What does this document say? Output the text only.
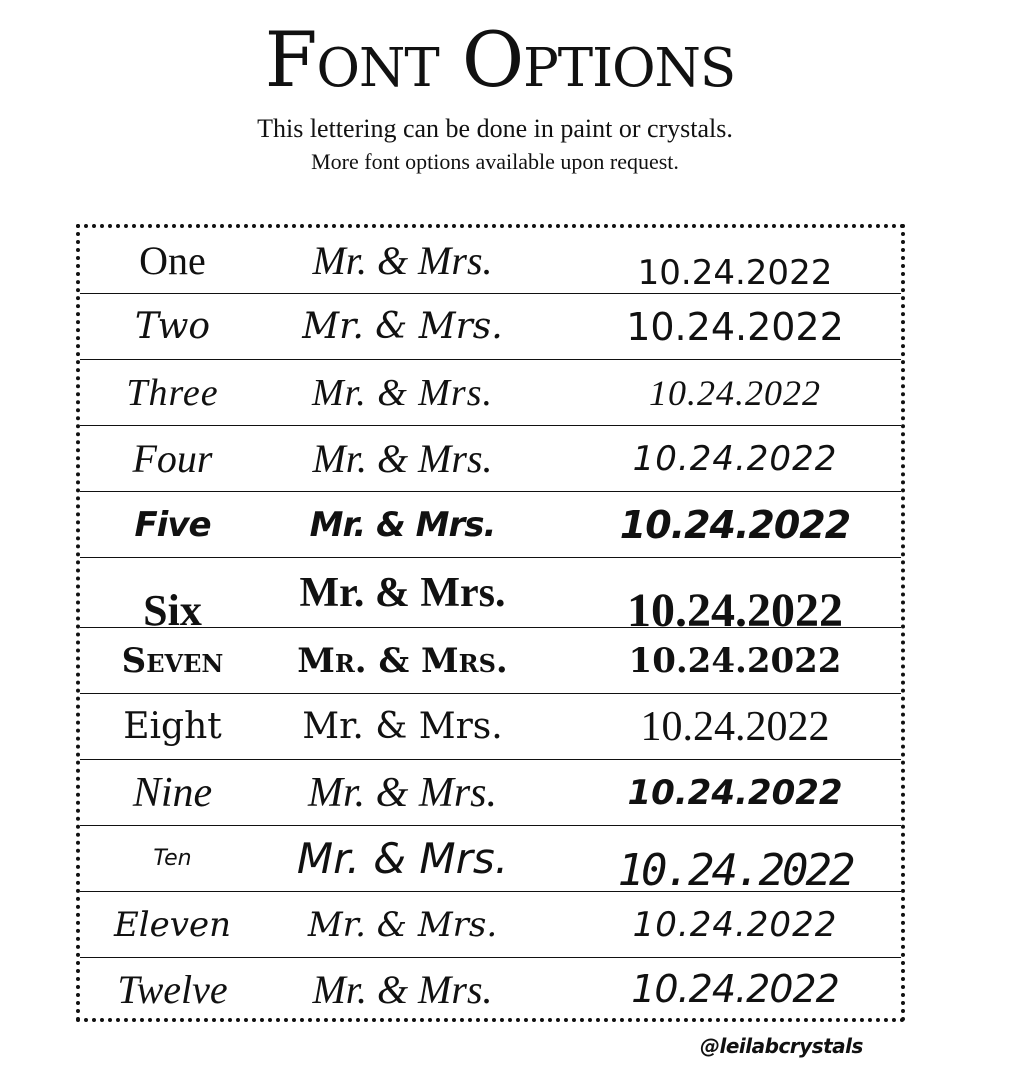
Font Options
This lettering can be done in paint or crystals.
More font options available upon request.
One	Mr. & Mrs.	10.24.2022
Two	Mr. & Mrs.	10.24.2022
Three	Mr. & Mrs.	10.24.2022
Four	Mr. & Mrs.	10.24.2022
Five	Mr. & Mrs.	10.24.2022
Six	Mr. & Mrs.	10.24.2022
Seven	Mr. & Mrs.	10.24.2022
Eight	Mr. & Mrs.	10.24.2022
Nine	Mr. & Mrs.	10.24.2022
Ten	Mr. & Mrs.	10.24.2022
Eleven	Mr. & Mrs.	10.24.2022
Twelve	Mr. & Mrs.	10.24.2022
@leilabcrystals
